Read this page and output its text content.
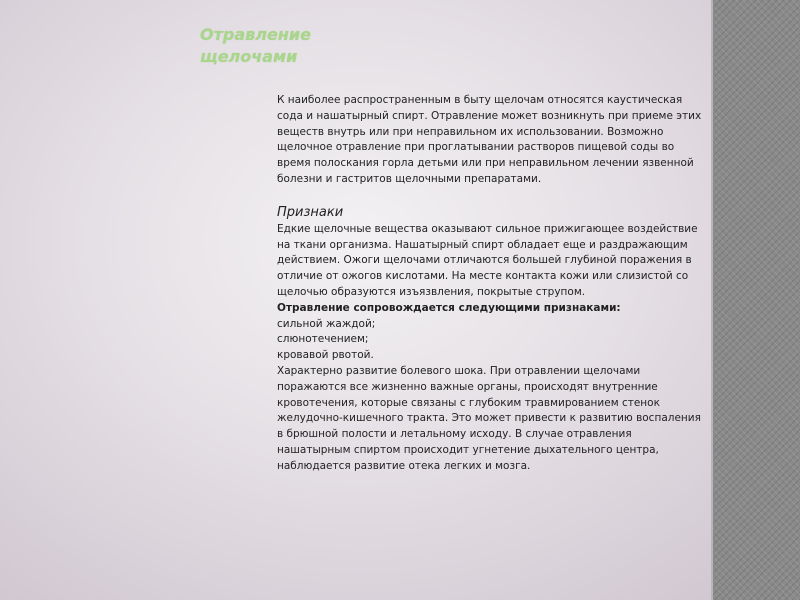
Отравление щелочами

К наиболее распространенным в быту щелочам относятся каустическая сода и нашатырный спирт. Отравление может возникнуть при приеме этих веществ внутрь или при неправильном их использовании. Возможно щелочное отравление при проглатывании растворов пищевой соды во время полоскания горла детьми или при неправильном лечении язвенной болезни и гастритов щелочными препаратами.

Признаки

Едкие щелочные вещества оказывают сильное прижигающее воздействие на ткани организма. Нашатырный спирт обладает еще и раздражающим действием. Ожоги щелочами отличаются большей глубиной поражения в отличие от ожогов кислотами. На месте контакта кожи или слизистой со щелочью образуются изъязвления, покрытые струпом.

Отравление сопровождается следующими признаками:

сильной жаждой;

слюнотечением;

кровавой рвотой.

Характерно развитие болевого шока. При отравлении щелочами поражаются все жизненно важные органы, происходят внутренние кровотечения, которые связаны с глубоким травмированием стенок желудочно-кишечного тракта. Это может привести к развитию воспаления в брюшной полости и летальному исходу. В случае отравления нашатырным спиртом происходит угнетение дыхательного центра, наблюдается развитие отека легких и мозга.
